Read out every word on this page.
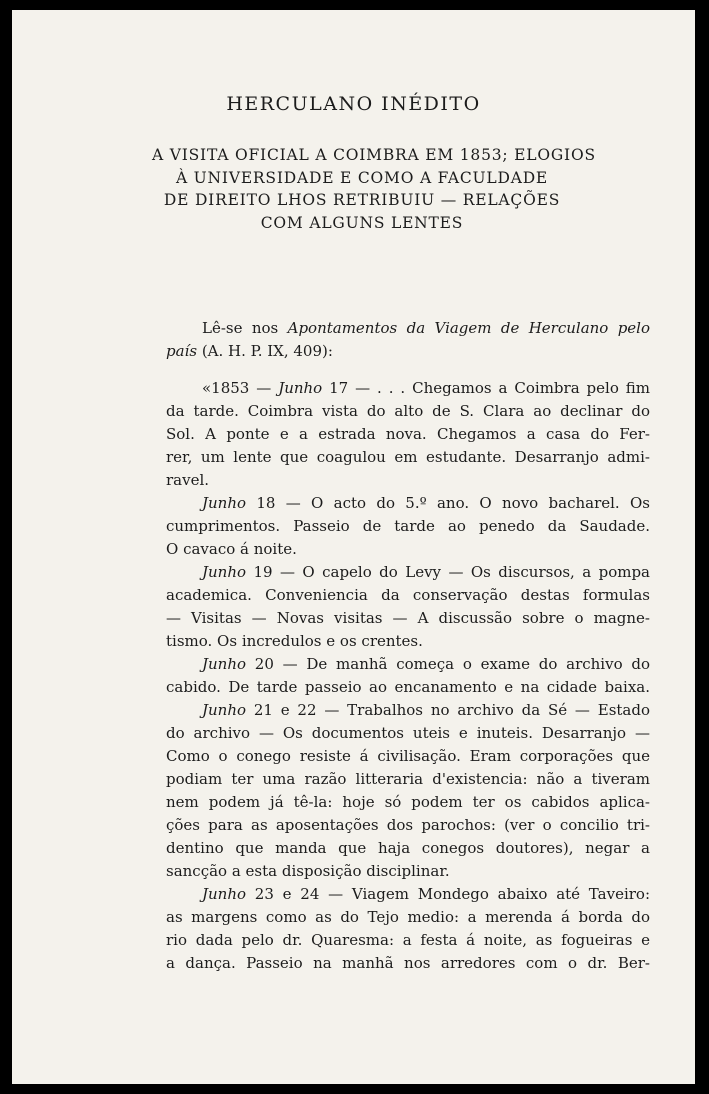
HERCULANO INÉDITO
A VISITA OFICIAL A COIMBRA EM 1853; ELOGIOS
À UNIVERSIDADE E COMO A FACULDADE
DE DIREITO LHOS RETRIBUIU — RELAÇÕES
COM ALGUNS LENTES
Lê-se nos Apontamentos da Viagem de Herculano pelo
país (A. H. P. IX, 409):
«1853 — Junho 17 — . . . Chegamos a Coimbra pelo fim
da tarde. Coimbra vista do alto de S. Clara ao declinar do
Sol. A ponte e a estrada nova. Chegamos a casa do Fer-
rer, um lente que coagulou em estudante. Desarranjo admi-
ravel.
Junho 18 — O acto do 5.º ano. O novo bacharel. Os
cumprimentos. Passeio de tarde ao penedo da Saudade.
O cavaco á noite.
Junho 19 — O capelo do Levy — Os discursos, a pompa
academica. Conveniencia da conservação destas formulas
— Visitas — Novas visitas — A discussão sobre o magne-
tismo. Os incredulos e os crentes.
Junho 20 — De manhã começa o exame do archivo do
cabido. De tarde passeio ao encanamento e na cidade baixa.
Junho 21 e 22 — Trabalhos no archivo da Sé — Estado
do archivo — Os documentos uteis e inuteis. Desarranjo —
Como o conego resiste á civilisação. Eram corporações que
podiam ter uma razão litteraria d'existencia: não a tiveram
nem podem já tê-la: hoje só podem ter os cabidos aplica-
ções para as aposentações dos parochos: (ver o concilio tri-
dentino que manda que haja conegos doutores), negar a
sancção a esta disposição disciplinar.
Junho 23 e 24 — Viagem Mondego abaixo até Taveiro:
as margens como as do Tejo medio: a merenda á borda do
rio dada pelo dr. Quaresma: a festa á noite, as fogueiras e
a dança. Passeio na manhã nos arredores com o dr. Ber-
